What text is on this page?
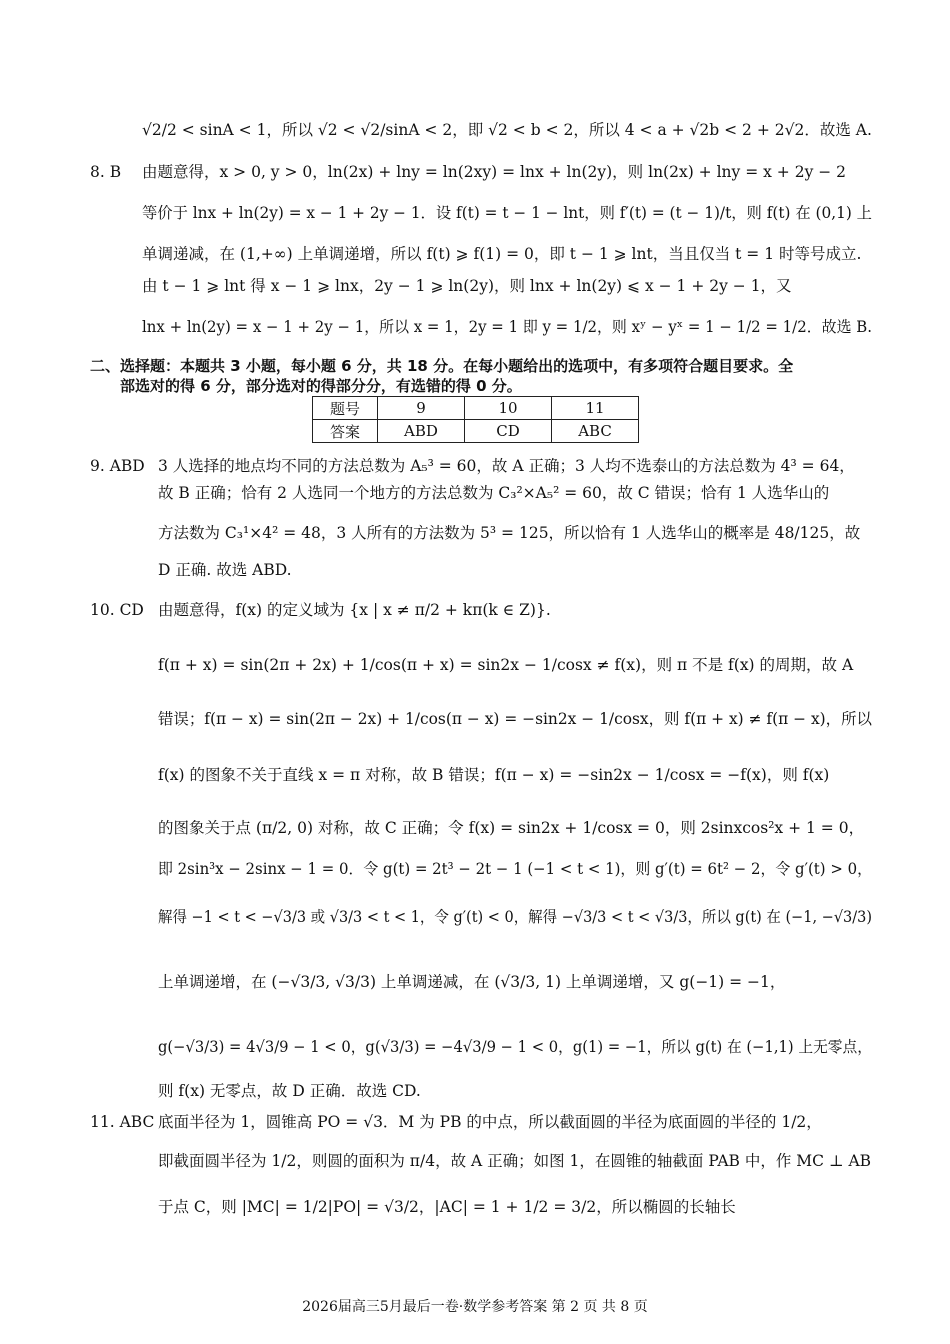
8. B
9. ABD
10. CD
11. ABC
√2/2 < sinA < 1，所以 √2 < √2/sinA < 2，即 √2 < b < 2，所以 4 < a + √2b < 2 + 2√2．故选 A.
由题意得，x > 0, y > 0，ln(2x) + lny = ln(2xy) = lnx + ln(2y)，则 ln(2x) + lny = x + 2y − 2
等价于 lnx + ln(2y) = x − 1 + 2y − 1．设 f(t) = t − 1 − lnt，则 f′(t) = (t − 1)/t，则 f(t) 在 (0,1) 上
单调递减，在 (1,+∞) 上单调递增，所以 f(t) ⩾ f(1) = 0，即 t − 1 ⩾ lnt，当且仅当 t = 1 时等号成立.
由 t − 1 ⩾ lnt 得 x − 1 ⩾ lnx，2y − 1 ⩾ ln(2y)，则 lnx + ln(2y) ⩽ x − 1 + 2y − 1，又
lnx + ln(2y) = x − 1 + 2y − 1，所以 x = 1，2y = 1 即 y = 1/2，则 xʸ − yˣ = 1 − 1/2 = 1/2．故选 B.
二、选择题：本题共 3 小题，每小题 6 分，共 18 分。在每小题给出的选项中，有多项符合题目要求。全
部选对的得 6 分，部分选对的得部分分，有选错的得 0 分。
题号	9	10	11
答案	ABD	CD	ABC
3 人选择的地点均不同的方法总数为 A₅³ = 60，故 A 正确；3 人均不选泰山的方法总数为 4³ = 64，
故 B 正确；恰有 2 人选同一个地方的方法总数为 C₃²×A₅² = 60，故 C 错误；恰有 1 人选华山的
方法数为 C₃¹×4² = 48，3 人所有的方法数为 5³ = 125，所以恰有 1 人选华山的概率是 48/125，故
D 正确. 故选 ABD.
由题意得，f(x) 的定义域为 {x | x ≠ π/2 + kπ(k ∈ Z)}.
f(π + x) = sin(2π + 2x) + 1/cos(π + x) = sin2x − 1/cosx ≠ f(x)，则 π 不是 f(x) 的周期，故 A
错误；f(π − x) = sin(2π − 2x) + 1/cos(π − x) = −sin2x − 1/cosx，则 f(π + x) ≠ f(π − x)，所以
f(x) 的图象不关于直线 x = π 对称，故 B 错误；f(π − x) = −sin2x − 1/cosx = −f(x)，则 f(x)
的图象关于点 (π/2, 0) 对称，故 C 正确；令 f(x) = sin2x + 1/cosx = 0，则 2sinxcos²x + 1 = 0，
即 2sin³x − 2sinx − 1 = 0．令 g(t) = 2t³ − 2t − 1 (−1 < t < 1)，则 g′(t) = 6t² − 2，令 g′(t) > 0，
解得 −1 < t < −√3/3 或 √3/3 < t < 1，令 g′(t) < 0，解得 −√3/3 < t < √3/3，所以 g(t) 在 (−1, −√3/3)
上单调递增，在 (−√3/3, √3/3) 上单调递减，在 (√3/3, 1) 上单调递增，又 g(−1) = −1，
g(−√3/3) = 4√3/9 − 1 < 0，g(√3/3) = −4√3/9 − 1 < 0，g(1) = −1，所以 g(t) 在 (−1,1) 上无零点，
则 f(x) 无零点，故 D 正确．故选 CD.
底面半径为 1，圆锥高 PO = √3．M 为 PB 的中点，所以截面圆的半径为底面圆的半径的 1/2，
即截面圆半径为 1/2，则圆的面积为 π/4，故 A 正确；如图 1，在圆锥的轴截面 PAB 中，作 MC ⊥ AB
于点 C，则 |MC| = 1/2|PO| = √3/2，|AC| = 1 + 1/2 = 3/2，所以椭圆的长轴长
2026届高三5月最后一卷·数学参考答案 第 2 页 共 8 页
